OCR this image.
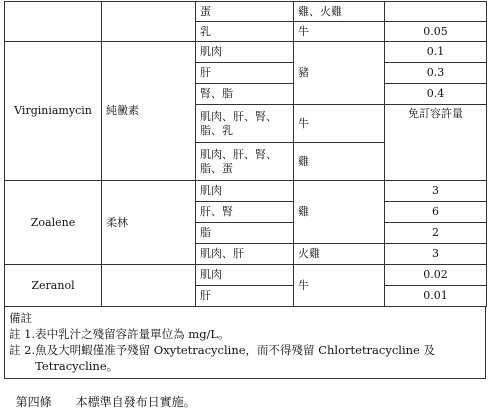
		蛋	雞、火雞	
		乳	牛	0.05
Virginiamycin	純黴素	肌肉	豬	0.1
		肝		0.3
		腎、脂		0.4
		肌肉、肝、腎、脂、乳	牛	免訂容許量
		肌肉、肝、腎、脂、蛋	雞	
Zoalene	柔林	肌肉	雞	3
		肝、腎		6
		脂		2
		肌肉、肝	火雞	3
Zeranol		肌肉	牛	0.02
		肝		0.01
備註
註 1. 表中乳汁之殘留容許量單位為 mg/L。
註 2. 魚及大明蝦僅准予殘留 Oxytetracycline，而不得殘留 Chlortetracycline 及 Tetracycline。

第四條 本標準自發布日實施。
